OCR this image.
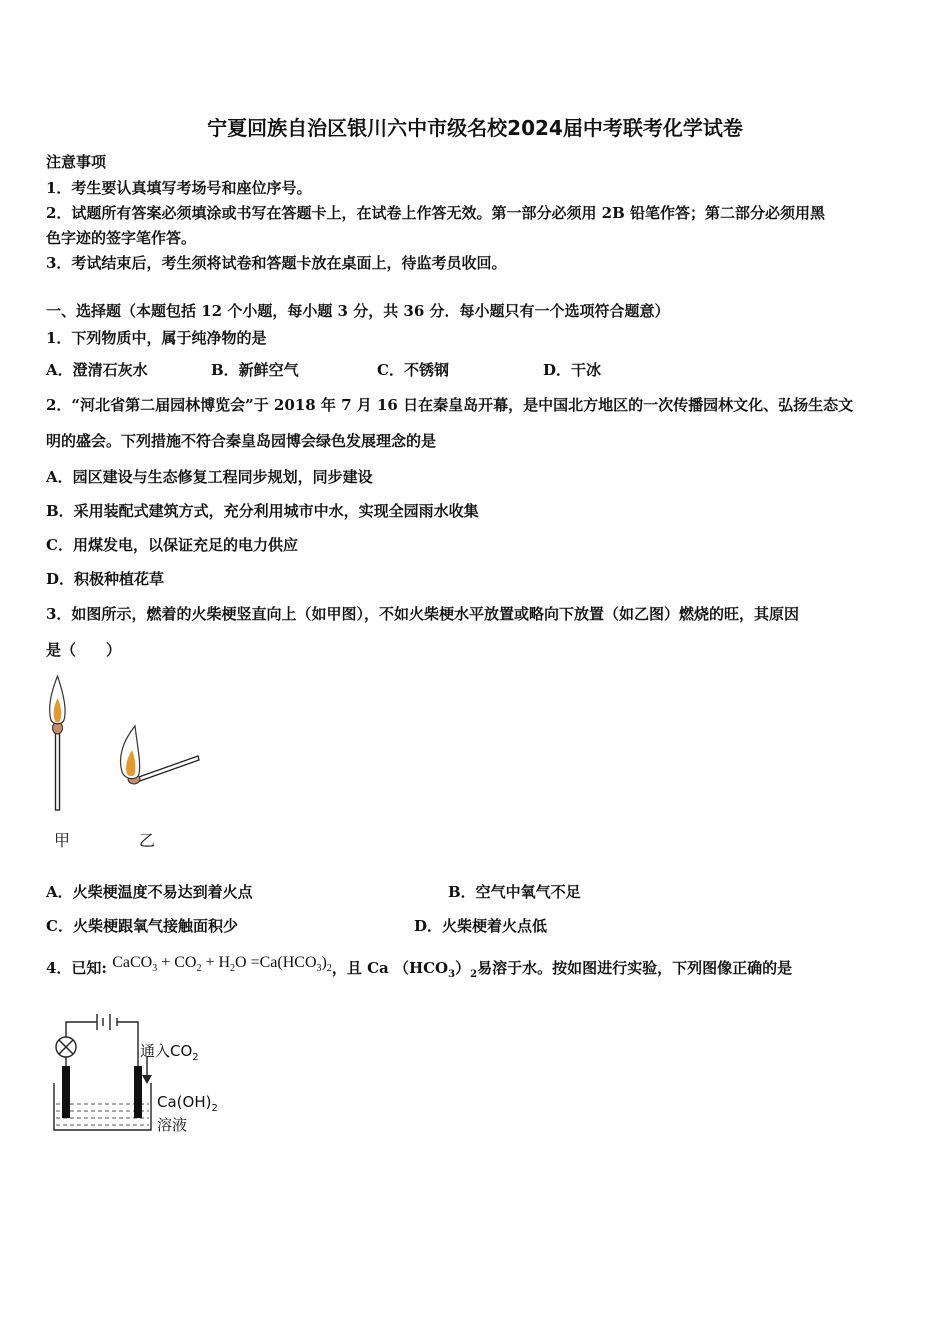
宁夏回族自治区银川六中市级名校2024届中考联考化学试卷
注意事项
1．考生要认真填写考场号和座位序号。
2．试题所有答案必须填涂或书写在答题卡上，在试卷上作答无效。第一部分必须用 2B 铅笔作答；第二部分必须用黑
色字迹的签字笔作答。
3．考试结束后，考生须将试卷和答题卡放在桌面上，待监考员收回。
一、选择题（本题包括 12 个小题，每小题 3 分，共 36 分．每小题只有一个选项符合题意）
1．下列物质中，属于纯净物的是
A．澄清石灰水	B．新鲜空气	C．不锈钢	D．干冰
2．“河北省第二届园林博览会”于 2018 年 7 月 16 日在秦皇岛开幕，是中国北方地区的一次传播园林文化、弘扬生态文
明的盛会。下列措施不符合秦皇岛园博会绿色发展理念的是
A．园区建设与生态修复工程同步规划，同步建设
B．采用装配式建筑方式，充分利用城市中水，实现全园雨水收集
C．用煤发电，以保证充足的电力供应
D．积极种植花草
3．如图所示，燃着的火柴梗竖直向上（如甲图），不如火柴梗水平放置或略向下放置（如乙图）燃烧的旺，其原因
是（　　）
甲	乙
A．火柴梗温度不易达到着火点	B．空气中氧气不足
C．火柴梗跟氧气接触面积少	D．火柴梗着火点低
4．已知: CaCO$_3$ + $CO_2 + H_2O =Ca(HCO_3)_2$，且 Ca $(HCO_3)_2$易溶于水。按如图进行实验，下列图像正确的是
通入$CO_2$
$Ca(OH)_2$
溶液
